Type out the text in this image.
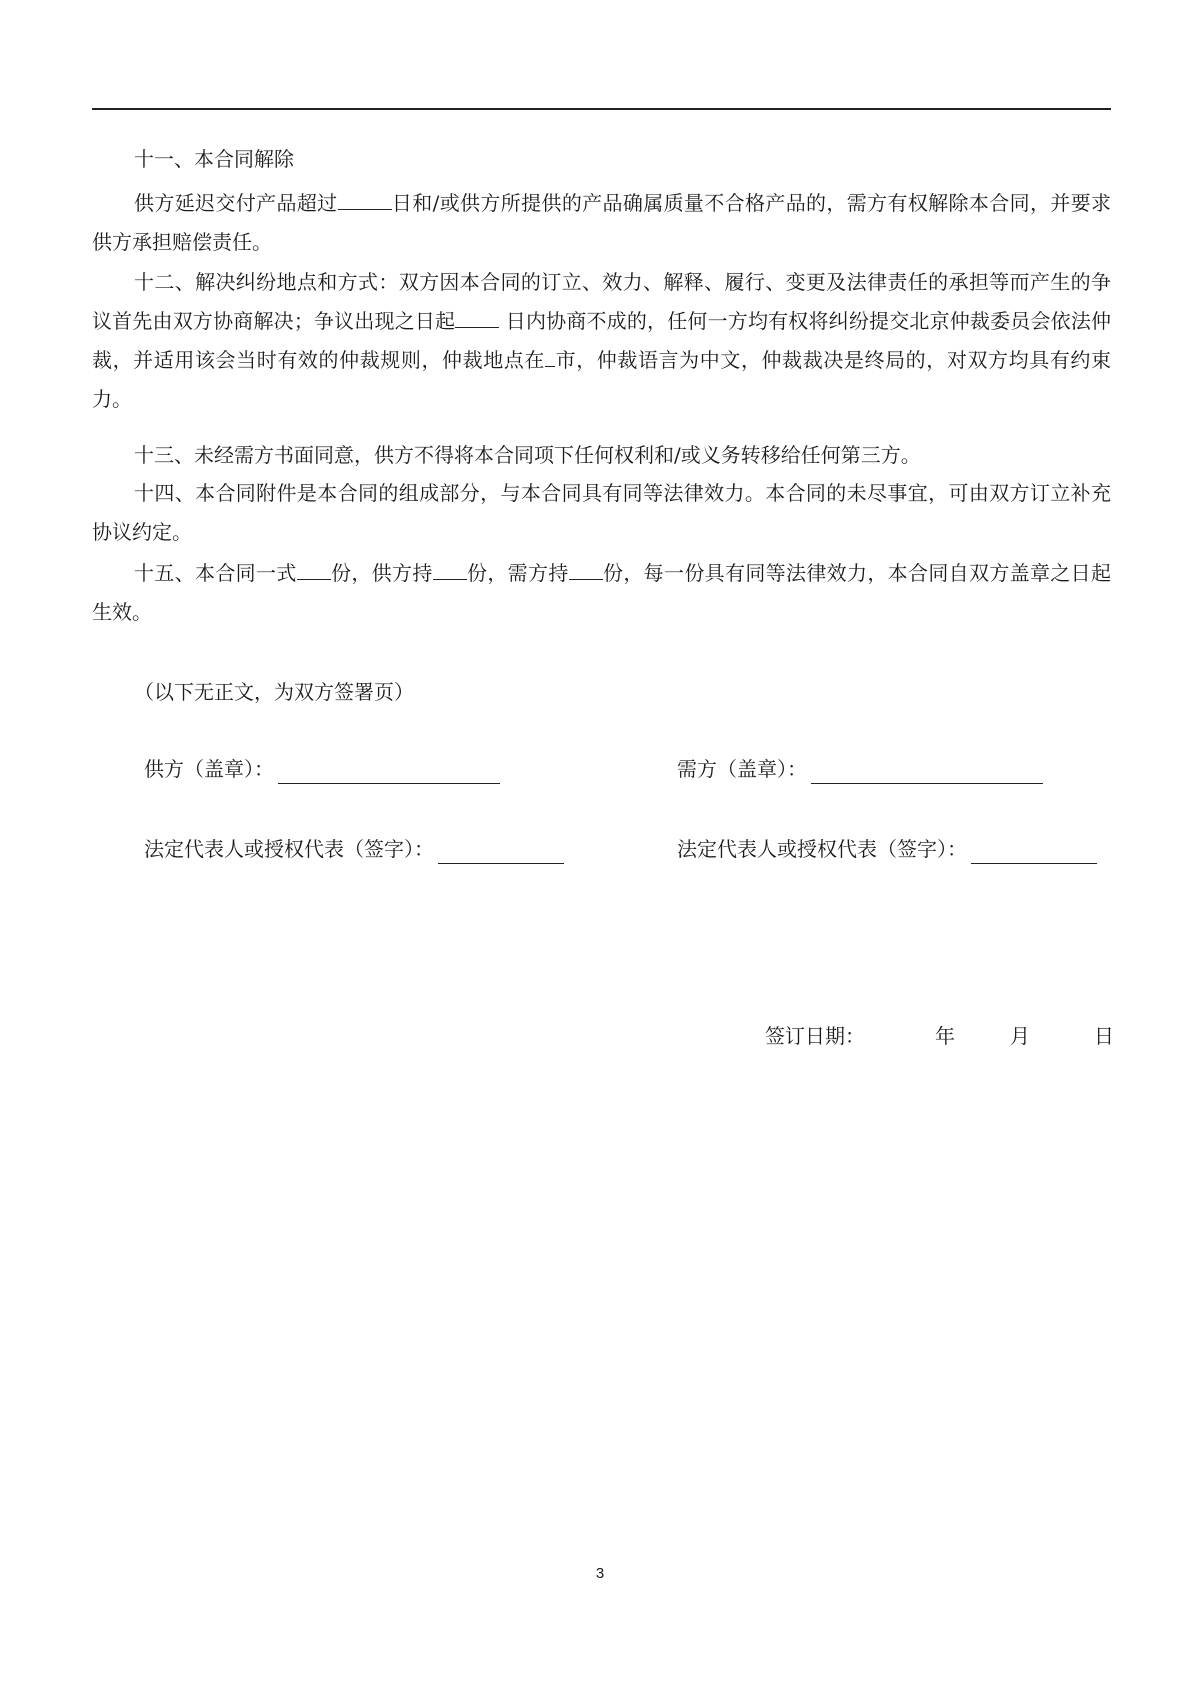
十一、本合同解除

供方延迟交付产品超过	日和/或供方所提供的产品确属质量不合格产品的，需方有权解除本合同，并要求供方承担赔偿责任。

十二、解决纠纷地点和方式：双方因本合同的订立、效力、解释、履行、变更及法律责任的承担等而产生的争议首先由双方协商解决；争议出现之日起 日内协商不成的，任何一方均有权将纠纷提交北京仲裁委员会依法仲裁，并适用该会当时有效的仲裁规则，仲裁地点在 市，仲裁语言为中文，仲裁裁决是终局的，对双方均具有约束力。

十三、未经需方书面同意，供方不得将本合同项下任何权利和/或义务转移给任何第三方。

十四、本合同附件是本合同的组成部分，与本合同具有同等法律效力。本合同的未尽事宜，可由双方订立补充协议约定。

十五、本合同一式 份，供方持 份，需方持 份，每一份具有同等法律效力，本合同自双方盖章之日起生效。

（以下无正文，为双方签署页）
供方（盖章）：	需方（盖章）：
法定代表人或授权代表（签字）：	法定代表人或授权代表（签字）：
签订日期：	年	月	日
3
